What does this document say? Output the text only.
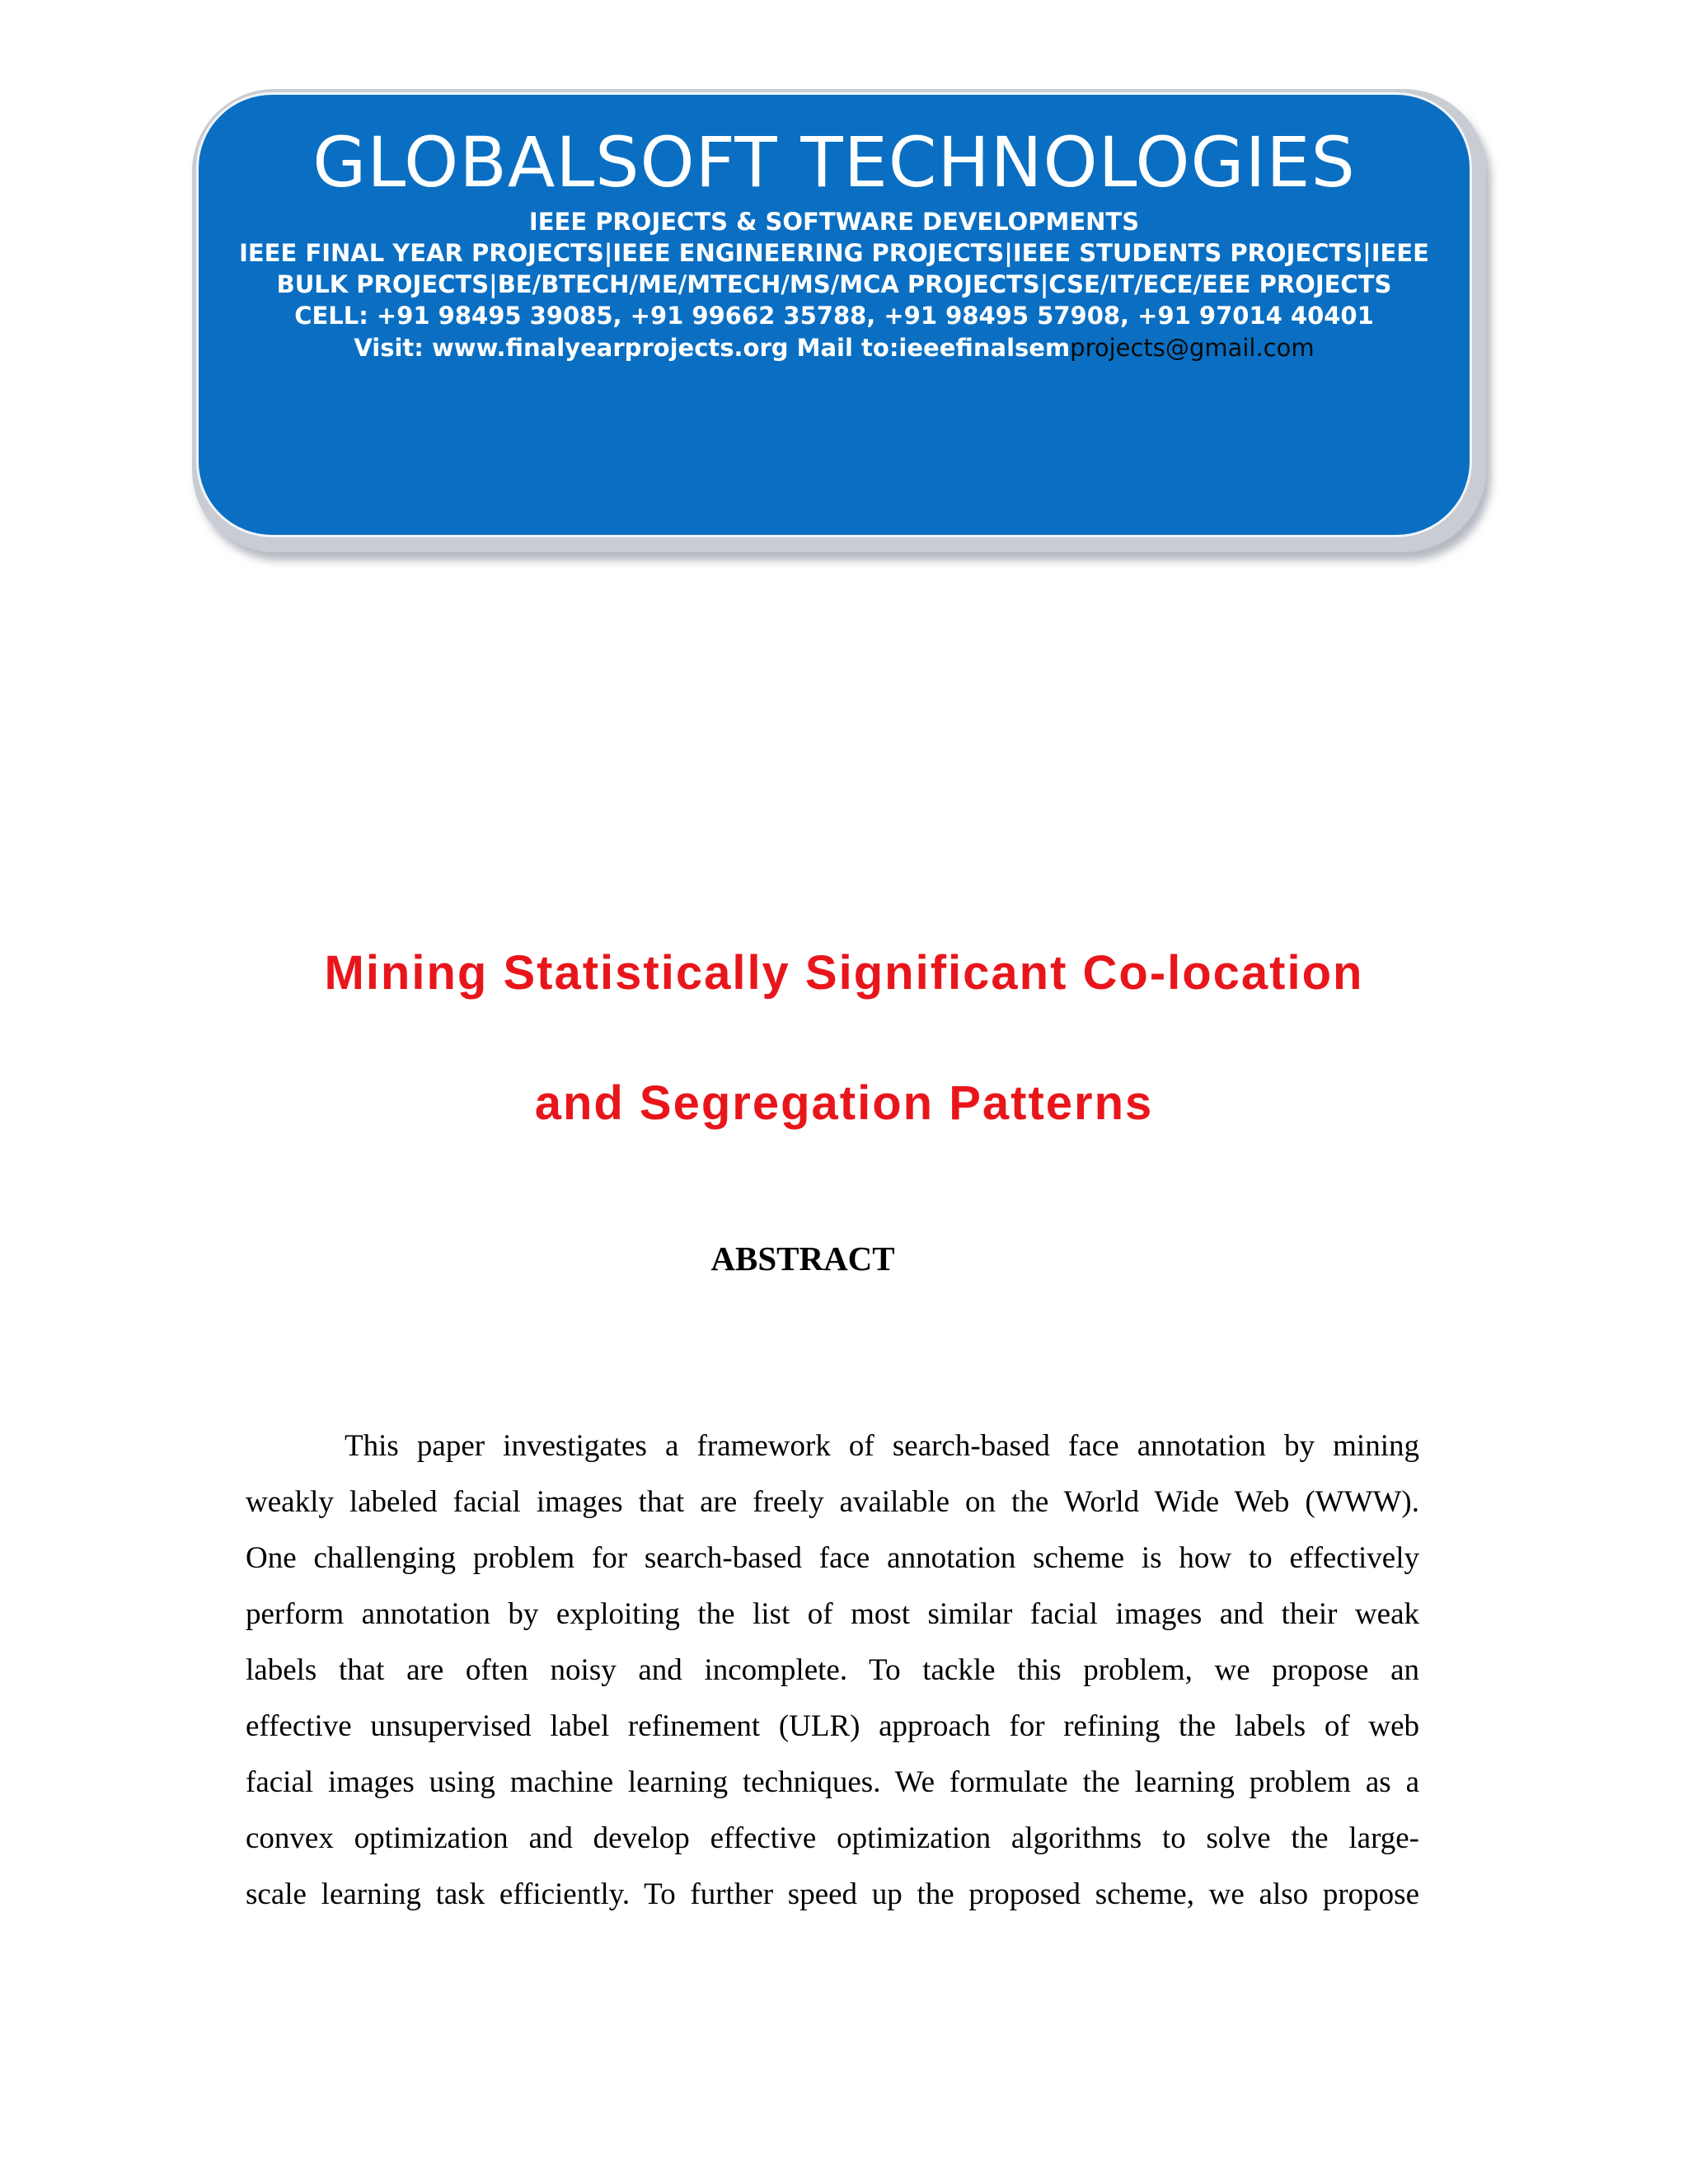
GLOBALSOFT TECHNOLOGIES
IEEE PROJECTS & SOFTWARE DEVELOPMENTS
IEEE FINAL YEAR PROJECTS|IEEE ENGINEERING PROJECTS|IEEE STUDENTS PROJECTS|IEEE
BULK PROJECTS|BE/BTECH/ME/MTECH/MS/MCA PROJECTS|CSE/IT/ECE/EEE PROJECTS
CELL: +91 98495 39085, +91 99662 35788, +91 98495 57908, +91 97014 40401
Visit: www.finalyearprojects.org Mail to:ieeefinalsemprojects@gmail.com
Mining Statistically Significant Co-location
and Segregation Patterns
ABSTRACT
This paper investigates a framework of search-based face annotation by mining
weakly labeled facial images that are freely available on the World Wide Web (WWW).
One challenging problem for search-based face annotation scheme is how to effectively
perform annotation by exploiting the list of most similar facial images and their weak
labels that are often noisy and incomplete. To tackle this problem, we propose an
effective unsupervised label refinement (ULR) approach for refining the labels of web
facial images using machine learning techniques. We formulate the learning problem as a
convex optimization and develop effective optimization algorithms to solve the large-
scale learning task efficiently. To further speed up the proposed scheme, we also propose
